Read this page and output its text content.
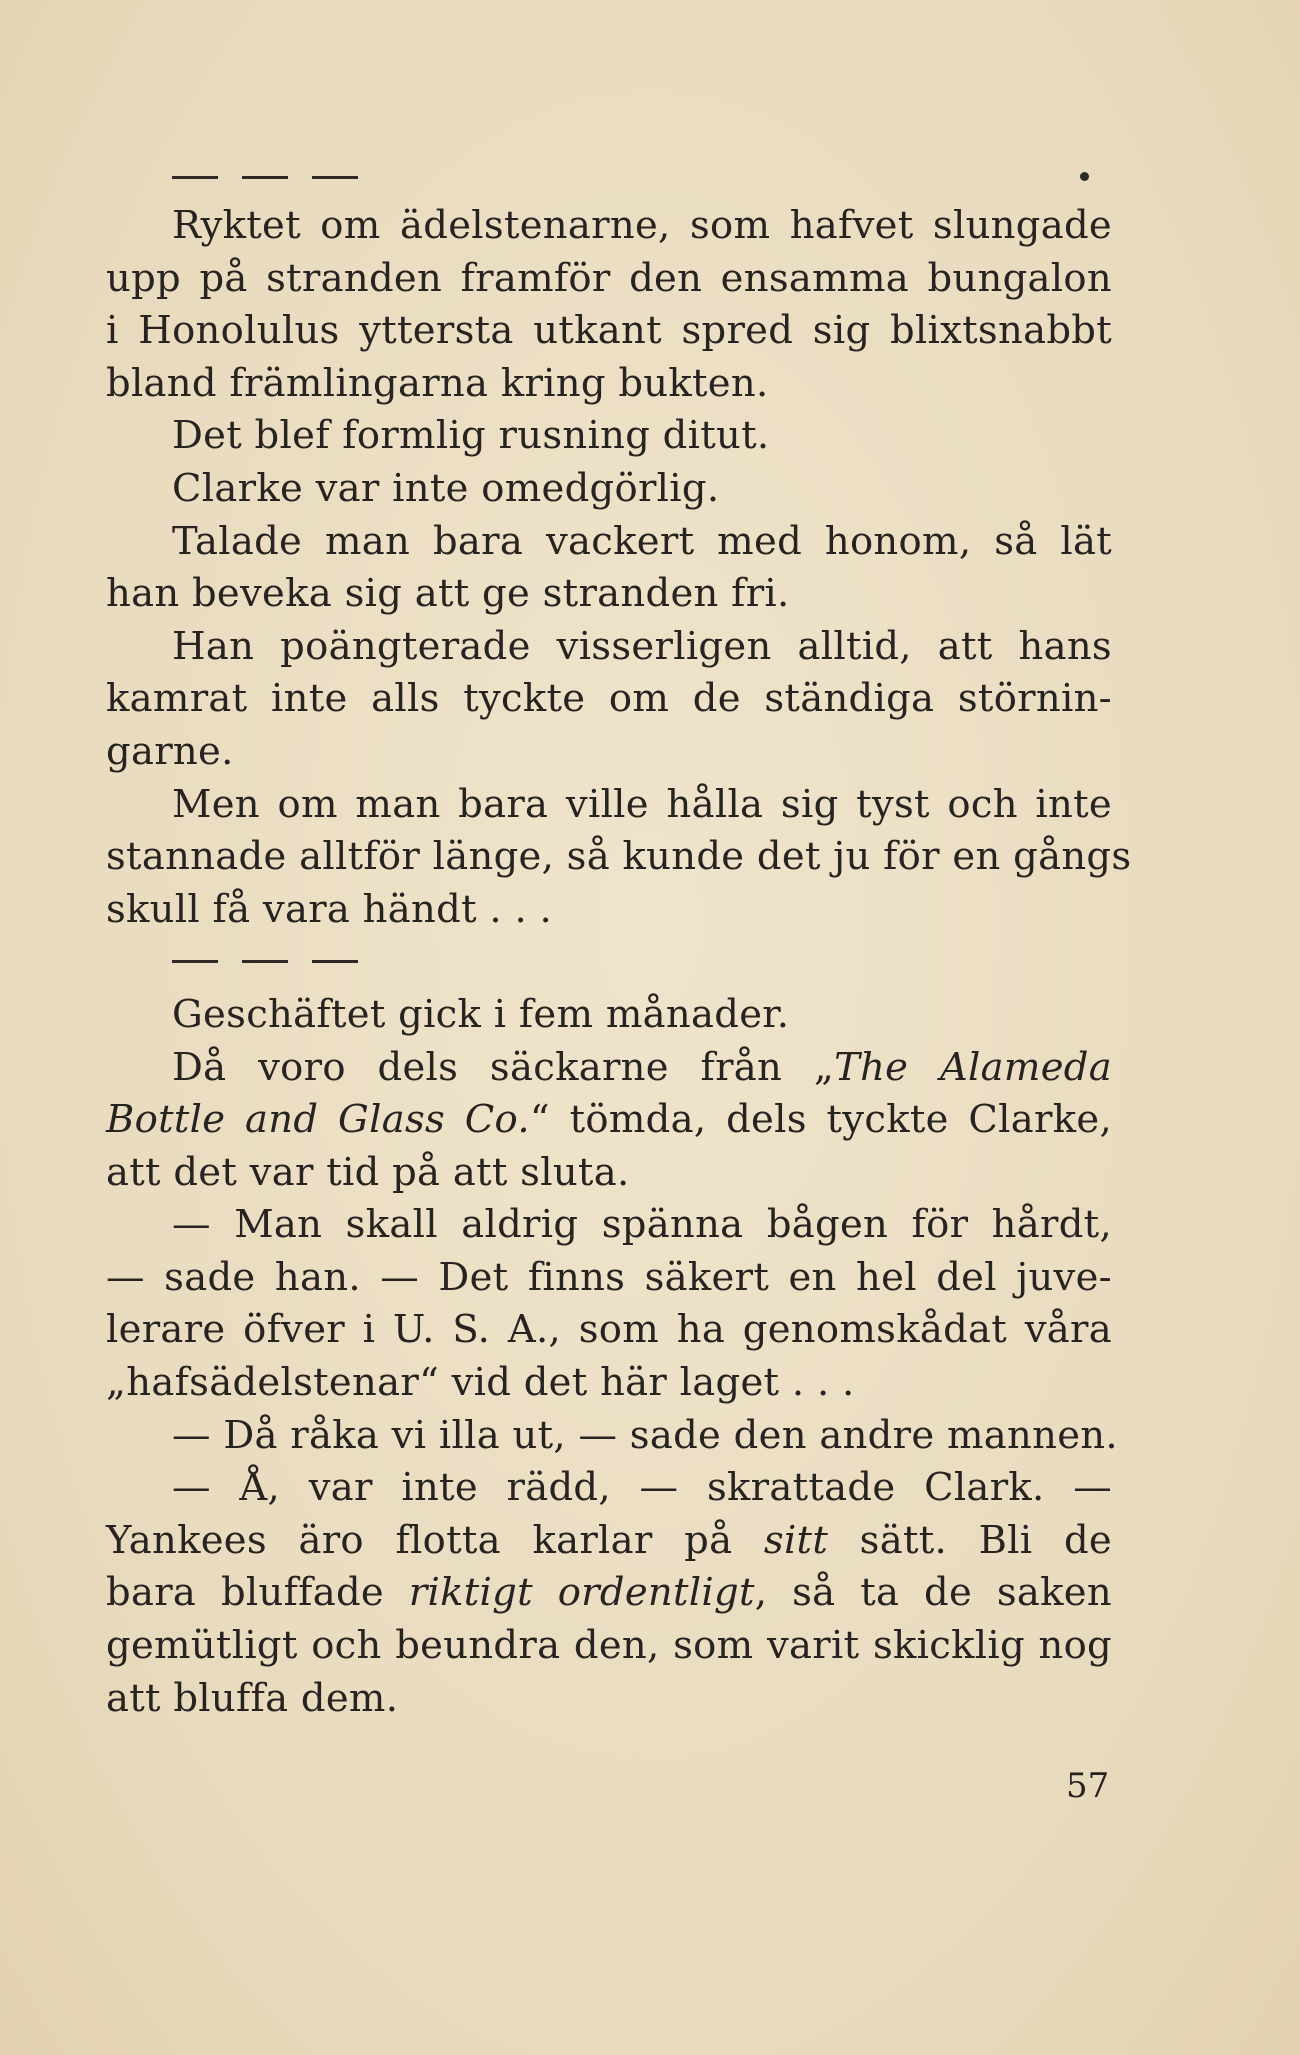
Ryktet om ädelstenarne, som hafvet slungade
upp på stranden framför den ensamma bungalon
i Honolulus yttersta utkant spred sig blixtsnabbt
bland främlingarna kring bukten.
Det blef formlig rusning ditut.
Clarke var inte omedgörlig.
Talade man bara vackert med honom, så lät
han beveka sig att ge stranden fri.
Han poängterade visserligen alltid, att hans
kamrat inte alls tyckte om de ständiga störnin-
garne.
Men om man bara ville hålla sig tyst och inte
stannade alltför länge, så kunde det ju för en gångs
skull få vara händt . . .
Geschäftet gick i fem månader.
Då voro dels säckarne från „The Alameda
Bottle and Glass Co.“ tömda, dels tyckte Clarke,
att det var tid på att sluta.
— Man skall aldrig spänna bågen för hårdt,
— sade han. — Det finns säkert en hel del juve-
lerare öfver i U. S. A., som ha genomskådat våra
„hafsädelstenar“ vid det här laget . . .
— Då råka vi illa ut, — sade den andre mannen.
— Å, var inte rädd, — skrattade Clark. —
Yankees äro flotta karlar på sitt sätt. Bli de
bara bluffade riktigt ordentligt, så ta de saken
gemütligt och beundra den, som varit skicklig nog
att bluffa dem.
57
